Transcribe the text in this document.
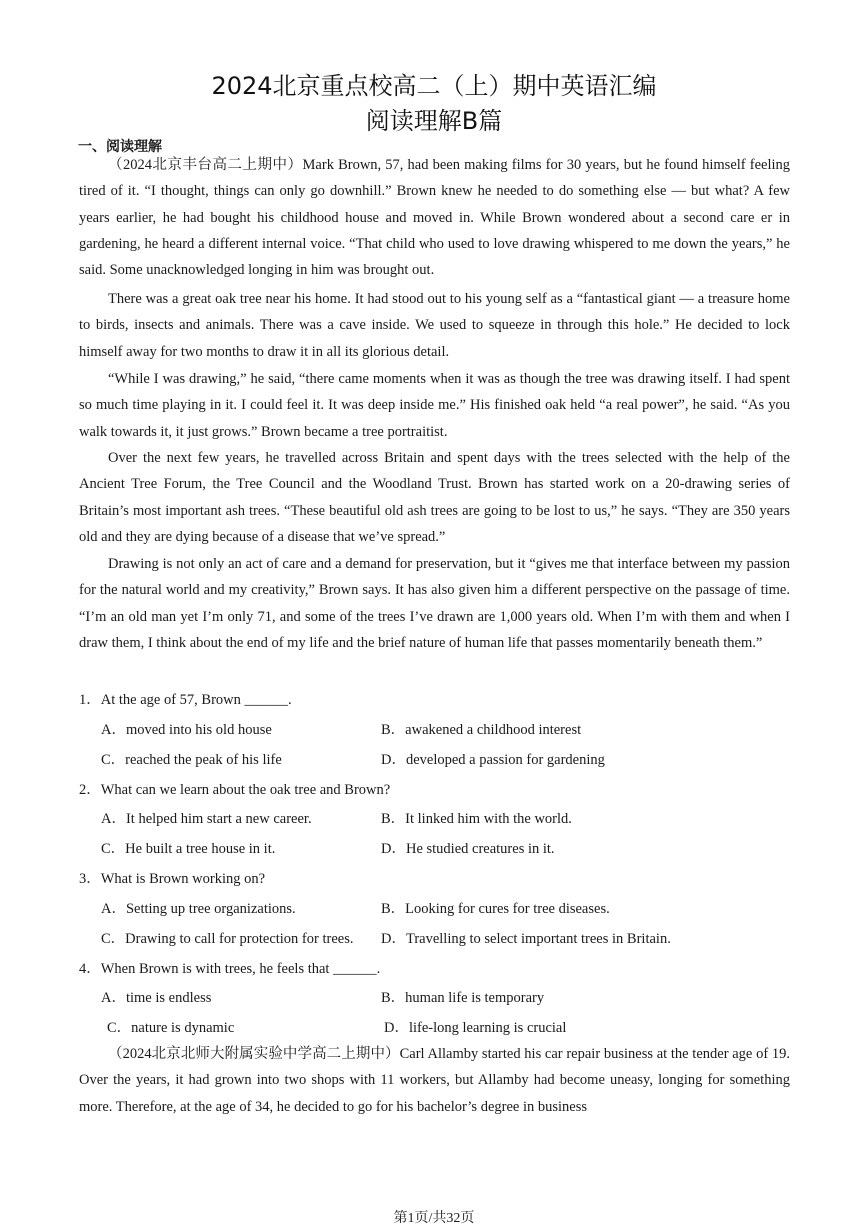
2024北京重点校高二（上）期中英语汇编
阅读理解B篇
一、阅读理解

（2024北京丰台高二上期中）Mark Brown, 57, had been making films for 30 years, but he found himself feeling tired of it. “I thought, things can only go downhill.” Brown knew he needed to do something else — but what? A few years earlier, he had bought his childhood house and moved in. While Brown wondered about a second care er in gardening, he heard a different internal voice. “That child who used to love drawing whispered to me down the years,” he said. Some unacknowledged longing in him was brought out.

There was a great oak tree near his home. It had stood out to his young self as a “fantastical giant — a treasure home to birds, insects and animals. There was a cave inside. We used to squeeze in through this hole.” He decided to lock himself away for two months to draw it in all its glorious detail.

“While I was drawing,” he said, “there came moments when it was as though the tree was drawing itself. I had spent so much time playing in it. I could feel it. It was deep inside me.” His finished oak held “a real power”, he said. “As you walk towards it, it just grows.” Brown became a tree portraitist.

Over the next few years, he travelled across Britain and spent days with the trees selected with the help of the Ancient Tree Forum, the Tree Council and the Woodland Trust. Brown has started work on a 20-drawing series of Britain’s most important ash trees. “These beautiful old ash trees are going to be lost to us,” he says. “They are 350 years old and they are dying because of a disease that we’ve spread.”

Drawing is not only an act of care and a demand for preservation, but it “gives me that interface between my passion for the natural world and my creativity,” Brown says. It has also given him a different perspective on the passage of time. “I’m an old man yet I’m only 71, and some of the trees I’ve drawn are 1,000 years old. When I’m with them and when I draw them, I think about the end of my life and the brief nature of human life that passes momentarily beneath them.”

1．At the age of 57, Brown ______.
A．moved into his old house	B．awakened a childhood interest
C．reached the peak of his life	D．developed a passion for gardening
2．What can we learn about the oak tree and Brown?
A．It helped him start a new career.	B．It linked him with the world.
C．He built a tree house in it.	D．He studied creatures in it.
3．What is Brown working on?
A．Setting up tree organizations.	B．Looking for cures for tree diseases.
C．Drawing to call for protection for trees. D．Travelling to select important trees in Britain.
4．When Brown is with trees, he feels that ______.
A．time is endless	B．human life is temporary
C．nature is dynamic	D．life-long learning is crucial

（2024北京北师大附属实验中学高二上期中）Carl Allamby started his car repair business at the tender age of 19. Over the years, it had grown into two shops with 11 workers, but Allamby had become uneasy, longing for something more. Therefore, at the age of 34, he decided to go for his bachelor’s degree in business

第1页/共32页
